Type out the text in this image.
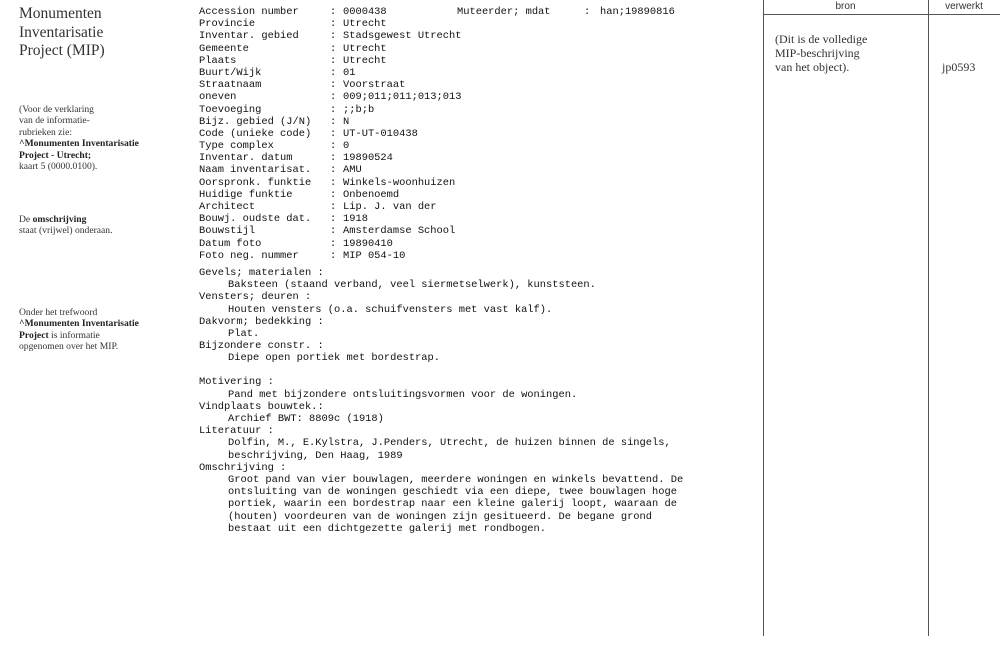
Monumenten
Inventarisatie
Project (MIP)
(Voor de verklaring
van de informatie-
rubrieken zie:
^Monumenten Inventarisatie
Project - Utrecht;
kaart 5 (0000.0100).
De omschrijving
staat (vrijwel) onderaan.
Onder het trefwoord
^Monumenten Inventarisatie
Project is informatie
opgenomen over het MIP.
Accession number	: 0000438	Muteerder; mdat	: han;19890816
Provincie	: Utrecht
Inventar. gebied	: Stadsgewest Utrecht
Gemeente	: Utrecht
Plaats	: Utrecht
Buurt/Wijk	: 01
Straatnaam	: Voorstraat
oneven	: 009;011;011;013;013
Toevoeging	: ;;b;b
Bijz. gebied (J/N) : N
Code (unieke code) : UT-UT-010438
Type complex	: 0
Inventar. datum	: 19890524
Naam inventarisat. : AMU
Oorspronk. funktie : Winkels-woonhuizen
Huidige funktie	: Onbenoemd
Architect	: Lip. J. van der
Bouwj. oudste dat. : 1918
Bouwstijl	: Amsterdamse School
Datum foto	: 19890410
Foto neg. nummer	: MIP 054-10
Gevels; materialen :
Baksteen (staand verband, veel siermetselwerk), kunststeen.
Vensters; deuren :
Houten vensters (o.a. schuifvensters met vast kalf).
Dakvorm; bedekking :
Plat.
Bijzondere constr. :
Diepe open portiek met bordestrap.
Motivering :
Pand met bijzondere ontsluitingsvormen voor de woningen.
Vindplaats bouwtek.:
Archief BWT: 8809c (1918)
Literatuur :
Dolfin, M., E.Kylstra, J.Penders, Utrecht, de huizen binnen de singels,
beschrijving, Den Haag, 1989
Omschrijving :
Groot pand van vier bouwlagen, meerdere woningen en winkels bevattend. De
ontsluiting van de woningen geschiedt via een diepe, twee bouwlagen hoge
portiek, waarin een bordestrap naar een kleine galerij loopt, waaraan de
(houten) voordeuren van de woningen zijn gesitueerd. De begane grond
bestaat uit een dichtgezette galerij met rondbogen.
bron	verwerkt
(Dit is de volledige
MIP-beschrijving
van het object).	jp0593
